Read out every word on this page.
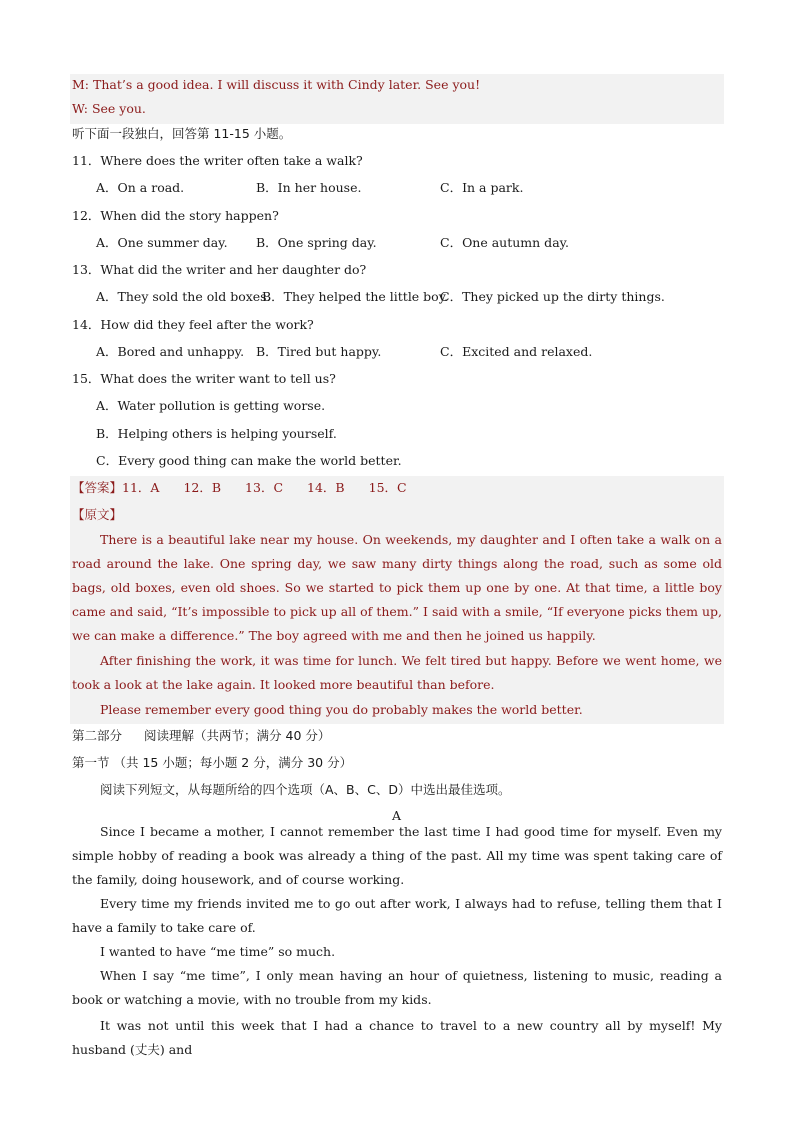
M: That’s a good idea. I will discuss it with Cindy later. See you!
W: See you.
听下面一段独白，回答第 11-15 小题。
11．Where does the writer often take a walk?
A．On a road.	B．In her house.	C．In a park.
12．When did the story happen?
A．One summer day. B．One spring day.	C．One autumn day.
13．What did the writer and her daughter do?
A．They sold the old boxes.
B．They helped the little boy.
C．They picked up the dirty things.
14．How did they feel after the work?
A．Bored and unhappy. B．Tired but happy.	C．Excited and relaxed.
15．What does the writer want to tell us?
A．Water pollution is getting worse.
B．Helping others is helping yourself.
C．Every good thing can make the world better.
【答案】11．A 12．B 13．C 14．B 15．C
【原文】
There is a beautiful lake near my house. On weekends, my daughter and I often take a walk on a road around the lake. One spring day, we saw many dirty things along the road, such as some old bags, old boxes, even old shoes. So we started to pick them up one by one. At that time, a little boy came and said, “It’s impossible to pick up all of them.” I said with a smile, “If everyone picks them up, we can make a difference.” The boy agreed with me and then he joined us happily.
After finishing the work, it was time for lunch. We felt tired but happy. Before we went home, we took a look at the lake again. It looked more beautiful than before.
Please remember every good thing you do probably makes the world better.
第二部分 阅读理解（共两节；满分 40 分）
第一节 （共 15 小题；每小题 2 分，满分 30 分）
阅读下列短文，从每题所给的四个选项（A、B、C、D）中选出最佳选项。
A
Since I became a mother, I cannot remember the last time I had good time for myself. Even my simple hobby of reading a book was already a thing of the past. All my time was spent taking care of the family, doing housework, and of course working.
Every time my friends invited me to go out after work, I always had to refuse, telling them that I have a family to take care of.
I wanted to have “me time” so much.
When I say “me time”, I only mean having an hour of quietness, listening to music, reading a book or watching a movie, with no trouble from my kids.
It was not until this week that I had a chance to travel to a new country all by myself! My husband (丈夫) and
